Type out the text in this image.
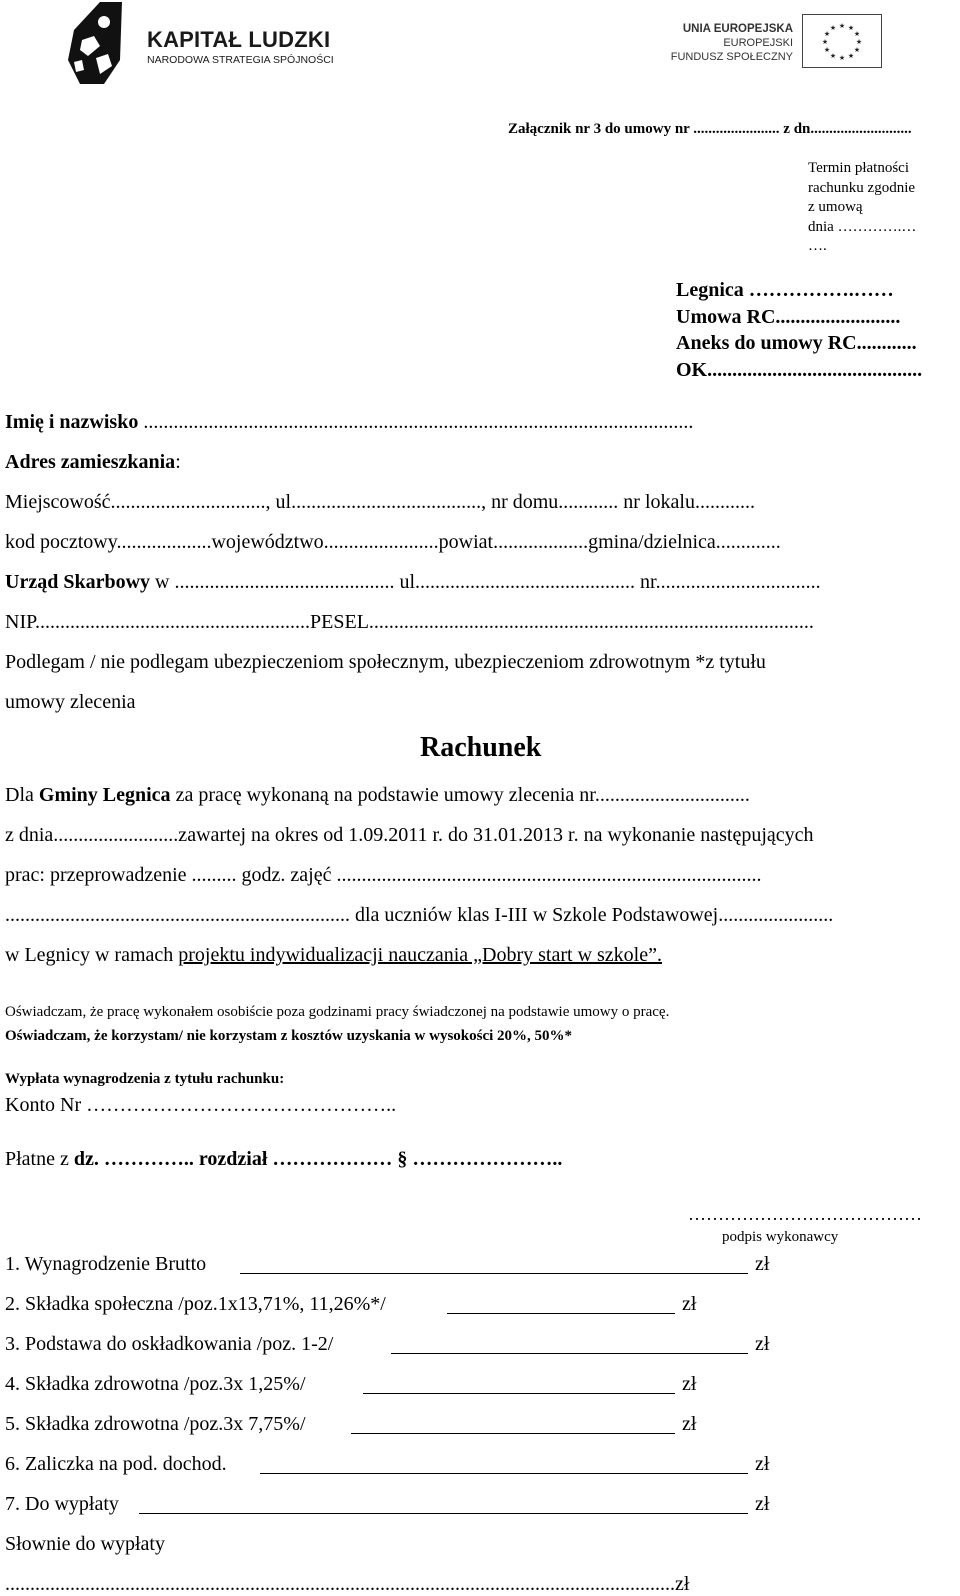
KAPITAŁ LUDZKI
NARODOWA STRATEGIA SPÓJNOŚCI
UNIA EUROPEJSKA
EUROPEJSKI
FUNDUSZ SPOŁECZNY
★ ★
★
★
★
★
★
★
★
★
★
★
Załącznik nr 3 do umowy nr ....................... z dn...........................
Termin płatności
rachunku zgodnie
z umową
dnia ………….…
….
Legnica …………….……
Umowa RC.........................
Aneks do umowy RC............
OK...........................................
Imię i nazwisko ..............................................................................................................
Adres zamieszkania:
Miejscowość..............................., ul......................................, nr domu............ nr lokalu............
kod pocztowy...................województwo.......................powiat...................gmina/dzielnica.............
Urząd Skarbowy w ............................................ ul............................................ nr.................................
NIP.......................................................PESEL.........................................................................................
Podlegam / nie podlegam ubezpieczeniom społecznym, ubezpieczeniom zdrowotnym *z tytułu
umowy zlecenia
Rachunek
Dla Gminy Legnica za pracę wykonaną na podstawie umowy zlecenia nr...............................
z dnia.........................zawartej na okres od 1.09.2011 r. do 31.01.2013 r. na wykonanie następujących
prac: przeprowadzenie ......... godz. zajęć .....................................................................................
..................................................................... dla uczniów klas I-III w Szkole Podstawowej.......................
w Legnicy w ramach projektu indywidualizacji nauczania „Dobry start w szkole”.
Oświadczam, że pracę wykonałem osobiście poza godzinami pracy świadczonej na podstawie umowy o pracę.
Oświadczam, że korzystam/ nie korzystam z kosztów uzyskania w wysokości 20%, 50%*
Wypłata wynagrodzenia z tytułu rachunku:
Konto Nr ………………………………………..
Płatne z dz. ………….. rozdział ……………… § …………………..
…………………………………
podpis wykonawcy
1. Wynagrodzenie Brutto	zł
2. Składka społeczna /poz.1x13,71%, 11,26%*/	zł
3. Podstawa do oskładkowania /poz. 1-2/	zł
4. Składka zdrowotna /poz.3x 1,25%/	zł
5. Składka zdrowotna /poz.3x 7,75%/	zł
6. Zaliczka na pod. dochod.	zł
7. Do wypłaty	zł
Słownie do wypłaty
......................................................................................................................................zł
